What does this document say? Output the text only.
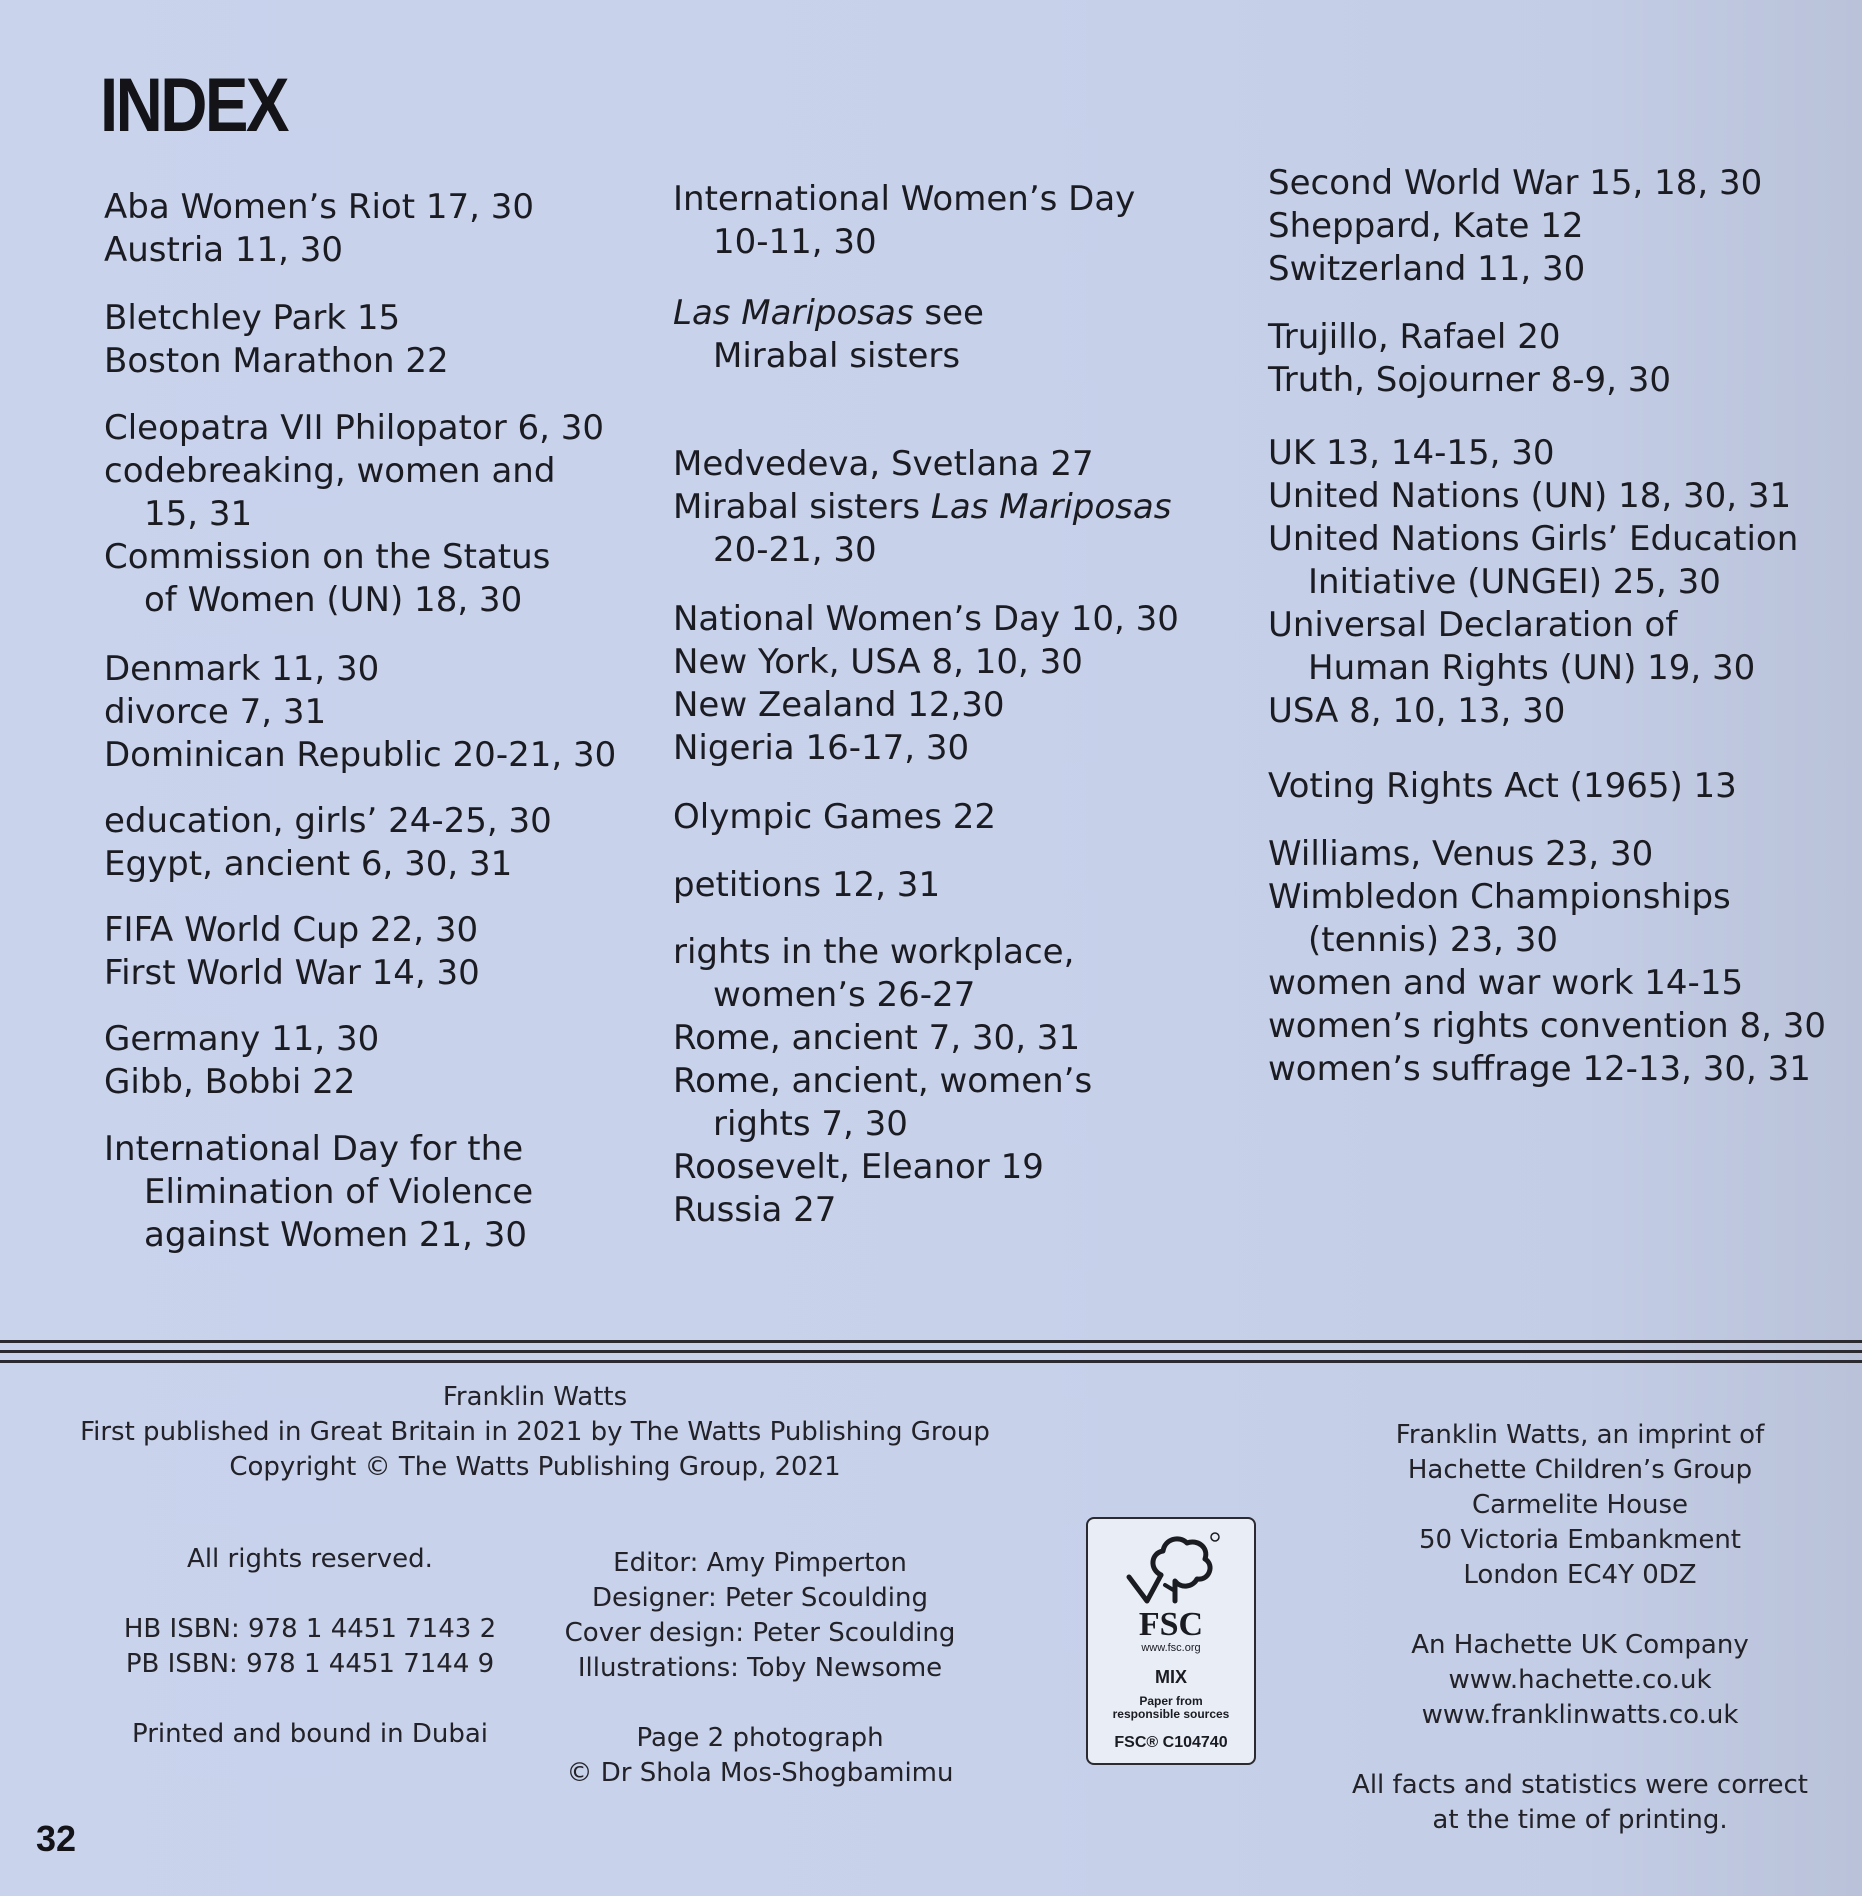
INDEX
Aba Women’s Riot 17, 30
Austria 11, 30
Bletchley Park 15
Boston Marathon 22
Cleopatra VII Philopator 6, 30
codebreaking, women and 15, 31
Commission on the Status of Women (UN) 18, 30
Denmark 11, 30
divorce 7, 31
Dominican Republic 20-21, 30
education, girls’ 24-25, 30
Egypt, ancient 6, 30, 31
FIFA World Cup 22, 30
First World War 14, 30
Germany 11, 30
Gibb, Bobbi 22
International Day for the Elimination of Violence against Women 21, 30
International Women’s Day 10-11, 30
Las Mariposas see Mirabal sisters
Medvedeva, Svetlana 27
Mirabal sisters Las Mariposas 20-21, 30
National Women’s Day 10, 30
New York, USA 8, 10, 30
New Zealand 12,30
Nigeria 16-17, 30
Olympic Games 22
petitions 12, 31
rights in the workplace, women’s 26-27
Rome, ancient 7, 30, 31
Rome, ancient, women’s rights 7, 30
Roosevelt, Eleanor 19
Russia 27
Second World War 15, 18, 30
Sheppard, Kate 12
Switzerland 11, 30
Trujillo, Rafael 20
Truth, Sojourner 8-9, 30
UK 13, 14-15, 30
United Nations (UN) 18, 30, 31
United Nations Girls’ Education Initiative (UNGEI) 25, 30
Universal Declaration of Human Rights (UN) 19, 30
USA 8, 10, 13, 30
Voting Rights Act (1965) 13
Williams, Venus 23, 30
Wimbledon Championships (tennis) 23, 30
women and war work 14-15
women’s rights convention 8, 30
women’s suffrage 12-13, 30, 31
Franklin Watts
First published in Great Britain in 2021 by The Watts Publishing Group
Copyright © The Watts Publishing Group, 2021
All rights reserved.
HB ISBN: 978 1 4451 7143 2
PB ISBN: 978 1 4451 7144 9
Printed and bound in Dubai
Editor: Amy Pimperton
Designer: Peter Scoulding
Cover design: Peter Scoulding
Illustrations: Toby Newsome
Page 2 photograph
© Dr Shola Mos-Shogbamimu
FSC
www.fsc.org
MIX
Paper from
responsible sources
FSC® C104740
Franklin Watts, an imprint of
Hachette Children’s Group
Carmelite House
50 Victoria Embankment
London EC4Y 0DZ
An Hachette UK Company
www.hachette.co.uk
www.franklinwatts.co.uk
All facts and statistics were correct
at the time of printing.
32
